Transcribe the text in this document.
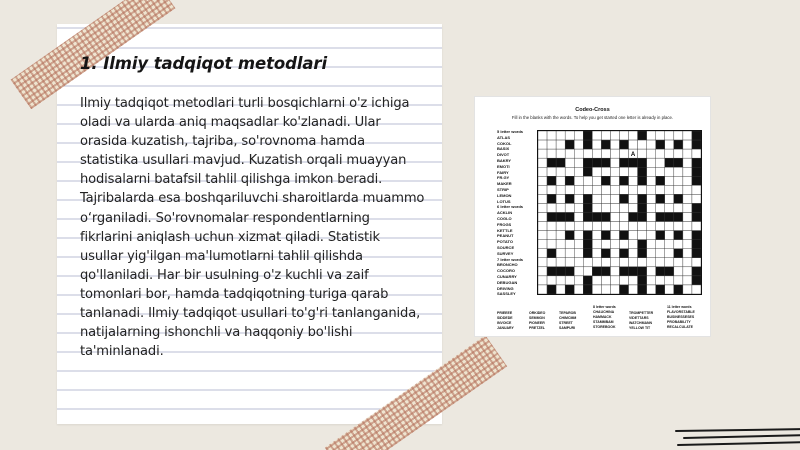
1. Ilmiy tadqiqot metodlari

Ilmiy tadqiqot metodlari turli bosqichlarni o'z ichiga oladi va ularda aniq maqsadlar ko'zlanadi. Ular orasida kuzatish, tajriba, so'rovnoma hamda statistika usullari mavjud. Kuzatish orqali muayyan hodisalarni batafsil tahlil qilishga imkon beradi. Tajribalarda esa boshqariluvchi sharoitlarda muammo o‘rganiladi. So'rovnomalar respondentlarning fikrlarini aniqlash uchun xizmat qiladi. Statistik usullar yig'ilgan ma'lumotlarni tahlil qilishda qo'llaniladi. Har bir usulning o'z kuchli va zaif tomonlari bor, hamda tadqiqotning turiga qarab tanlanadi. Ilmiy tadqiqot usullari to'g'ri tanlanganida, natijalarning ishonchli va haqqoniy bo'lishi ta'minlanadi.

Codeo-Cross
Fill in the blanks with the words. To help you get started one letter is already in place.
5 letter words
ATLAS
COKOL
BASIX
DIVOT
BAKRY
EMOTI
FAIRY
FR.GY
MAKER
STRIP
LEMON
LOTUS
6 letter words
ACKLIN
COGLO
FROGS
KETTLE
PEANUT
POTATO
SOURCE
SURVEY
7 letter words
BRONCHO
COCORO
CUNARRY
DEBUGAN
DRIVING
SASSLEY
A
PRIEEEE
SIDDEDE
INVOICE
JANUARY
ORKIDEO
SEMMON
PIONEER
PRETZEL
TEPAROB
CHIMCMM
STREET
SAMPURI
8 letter words
CHAUCHINA
HAMMACK
STAMMBAM
STOREBOOK
TROMPETTER
VIDETTARS
WATCHMANN
YELLOW TIT
11 letter words
FLAVORSTABLE
BUSINESSESES
PROBABILITY
RECALCULATE
